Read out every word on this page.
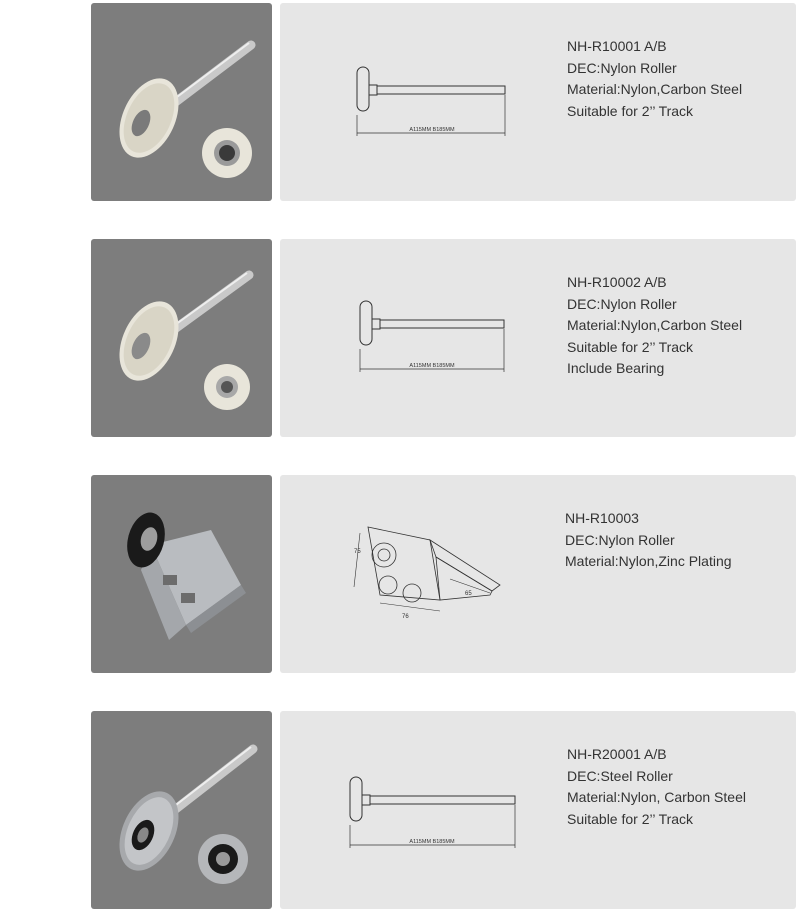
A115MM B185MM
NH-R10001 A/B
DEC:Nylon Roller
Material:Nylon,Carbon Steel
Suitable for 2’’ Track
A115MM B185MM
NH-R10002 A/B
DEC:Nylon Roller
Material:Nylon,Carbon Steel
Suitable for 2’’ Track
Include Bearing
75
76
65
NH-R10003
DEC:Nylon Roller
Material:Nylon,Zinc Plating
A115MM B185MM
NH-R20001 A/B
DEC:Steel Roller
Material:Nylon, Carbon Steel
Suitable for 2’’ Track
